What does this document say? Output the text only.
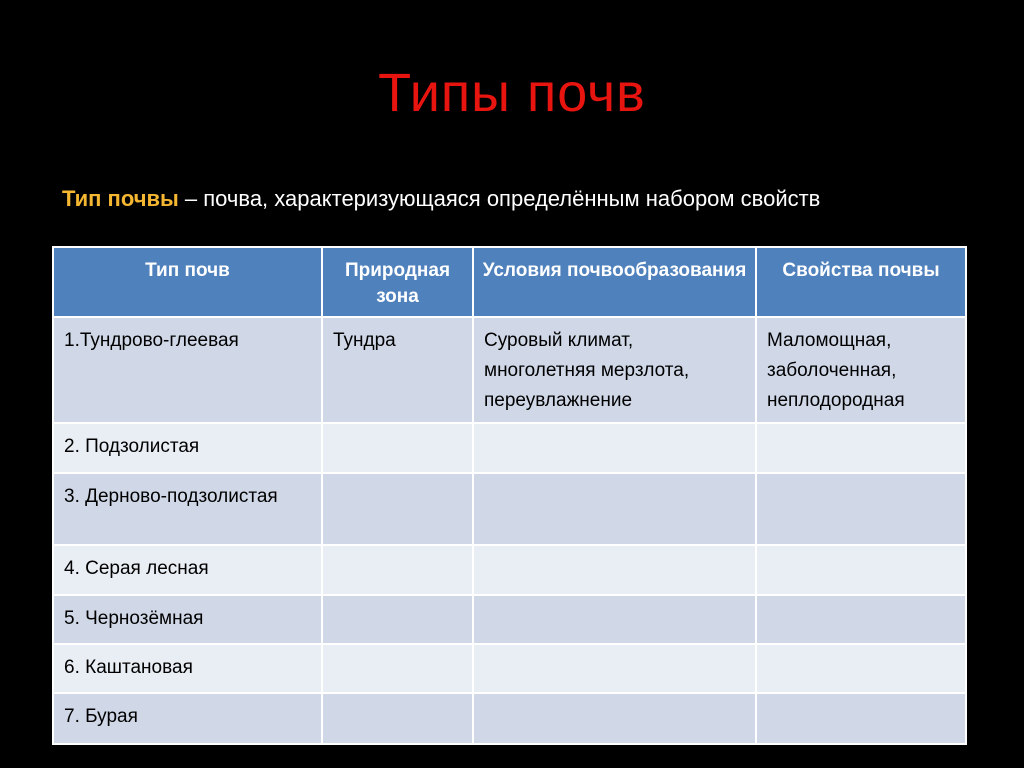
Типы почв

Тип почвы – почва, характеризующаяся определённым набором свойств

Тип почв	Природная зона	Условия почвообразования	Свойства почвы
1.Тундрово-глеевая	Тундра	Суровый климат, многолетняя мерзлота, переувлажнение	Маломощная, заболоченная, неплодородная
2. Подзолистая			
3. Дерново-подзолистая			
4. Серая лесная			
5. Чернозёмная			
6. Каштановая			
7. Бурая			
